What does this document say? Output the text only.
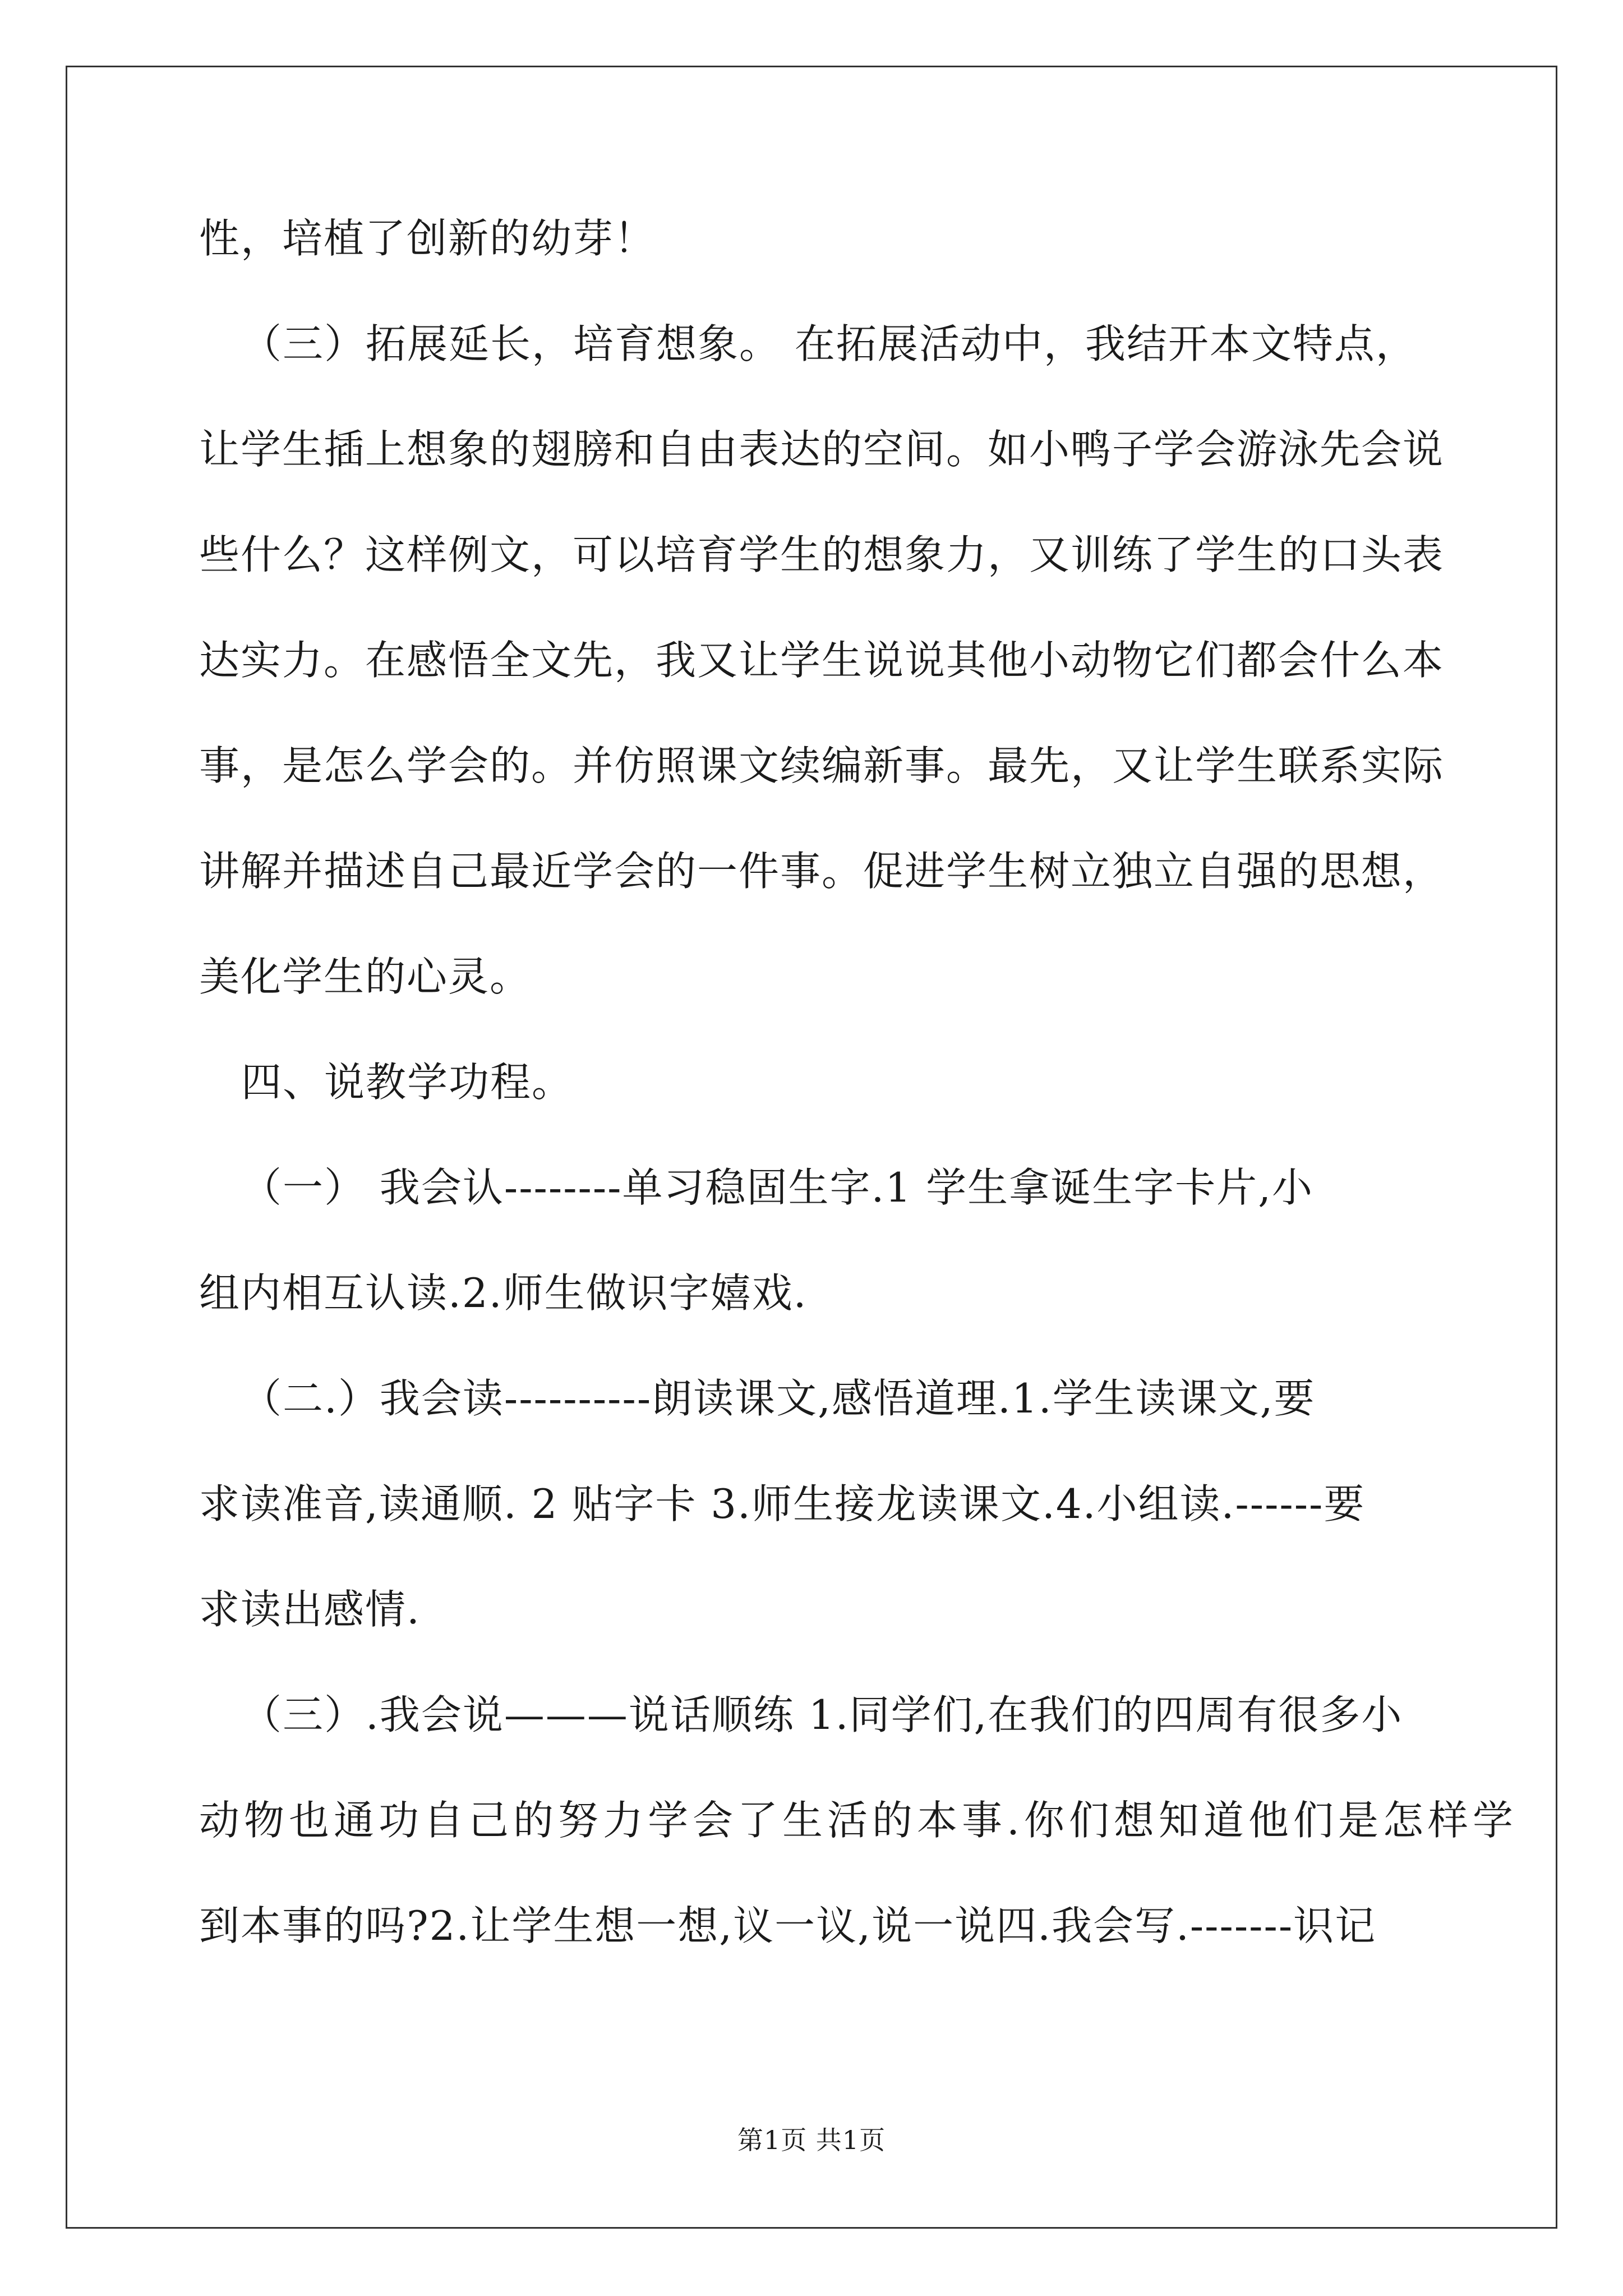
性，培植了创新的幼芽！
（三）拓展延长，培育想象。 在拓展活动中，我结开本文特点，
让学生插上想象的翅膀和自由表达的空间。如小鸭子学会游泳先会说
些什么？这样例文，可以培育学生的想象力，又训练了学生的口头表
达实力。在感悟全文先，我又让学生说说其他小动物它们都会什么本
事，是怎么学会的。并仿照课文续编新事。最先，又让学生联系实际
讲解并描述自己最近学会的一件事。促进学生树立独立自强的思想，
美化学生的心灵。
四、说教学功程。
（一） 我会认--------单习稳固生字.1 学生拿诞生字卡片,小
组内相互认读.2.师生做识字嬉戏.
（二.）我会读----------朗读课文,感悟道理.1.学生读课文,要
求读准音,读通顺. 2 贴字卡 3.师生接龙读课文.4.小组读.------要
求读出感情.
（三）.我会说———说话顺练 1.同学们,在我们的四周有很多小
动物也通功自己的努力学会了生活的本事.你们想知道他们是怎样学
到本事的吗?2.让学生想一想,议一议,说一说四.我会写.-------识记
第1页 共1页
